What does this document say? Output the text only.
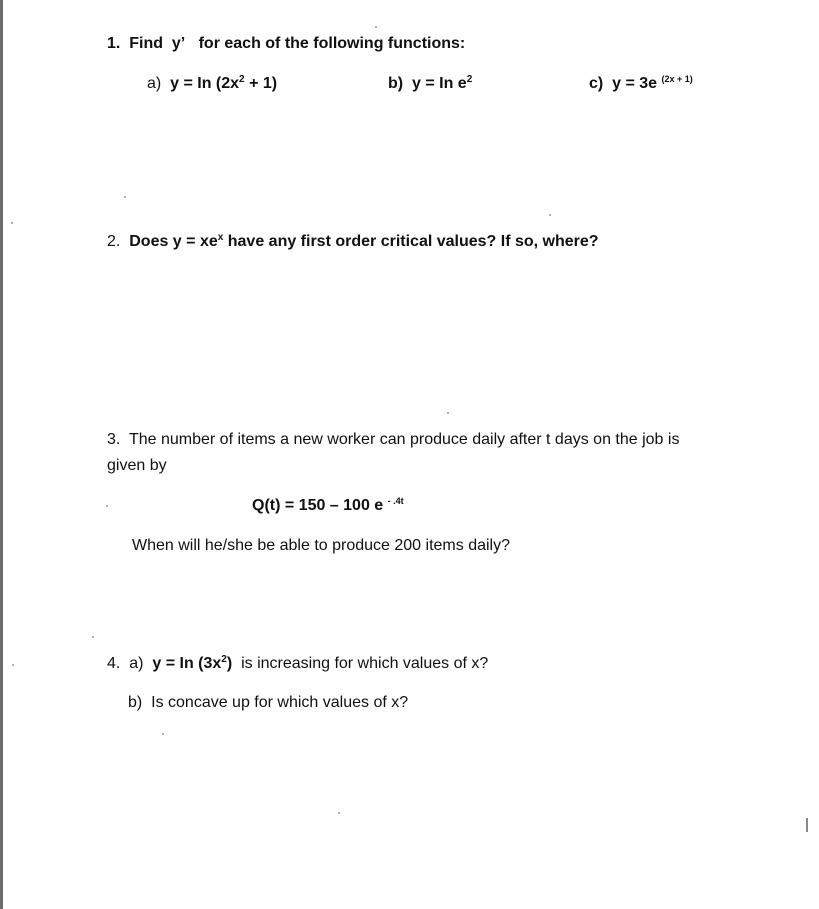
1. Find y’ for each of the following functions:
a) y = In $(2x^2 + 1)$	b) y = In $e^2$	c) y = 3e $^{(2x + 1)}$
2. Does $y = xe^x$ have any first order critical values? If so, where?
3. The number of items a new worker can produce daily after t days on the job is
given by
Q(t) = 150 – 100 e $^{- .4t}$
When will he/she be able to produce 200 items daily?
4. a) y = In $(3x^2)$ is increasing for which values of x?
b) Is concave up for which values of x?
